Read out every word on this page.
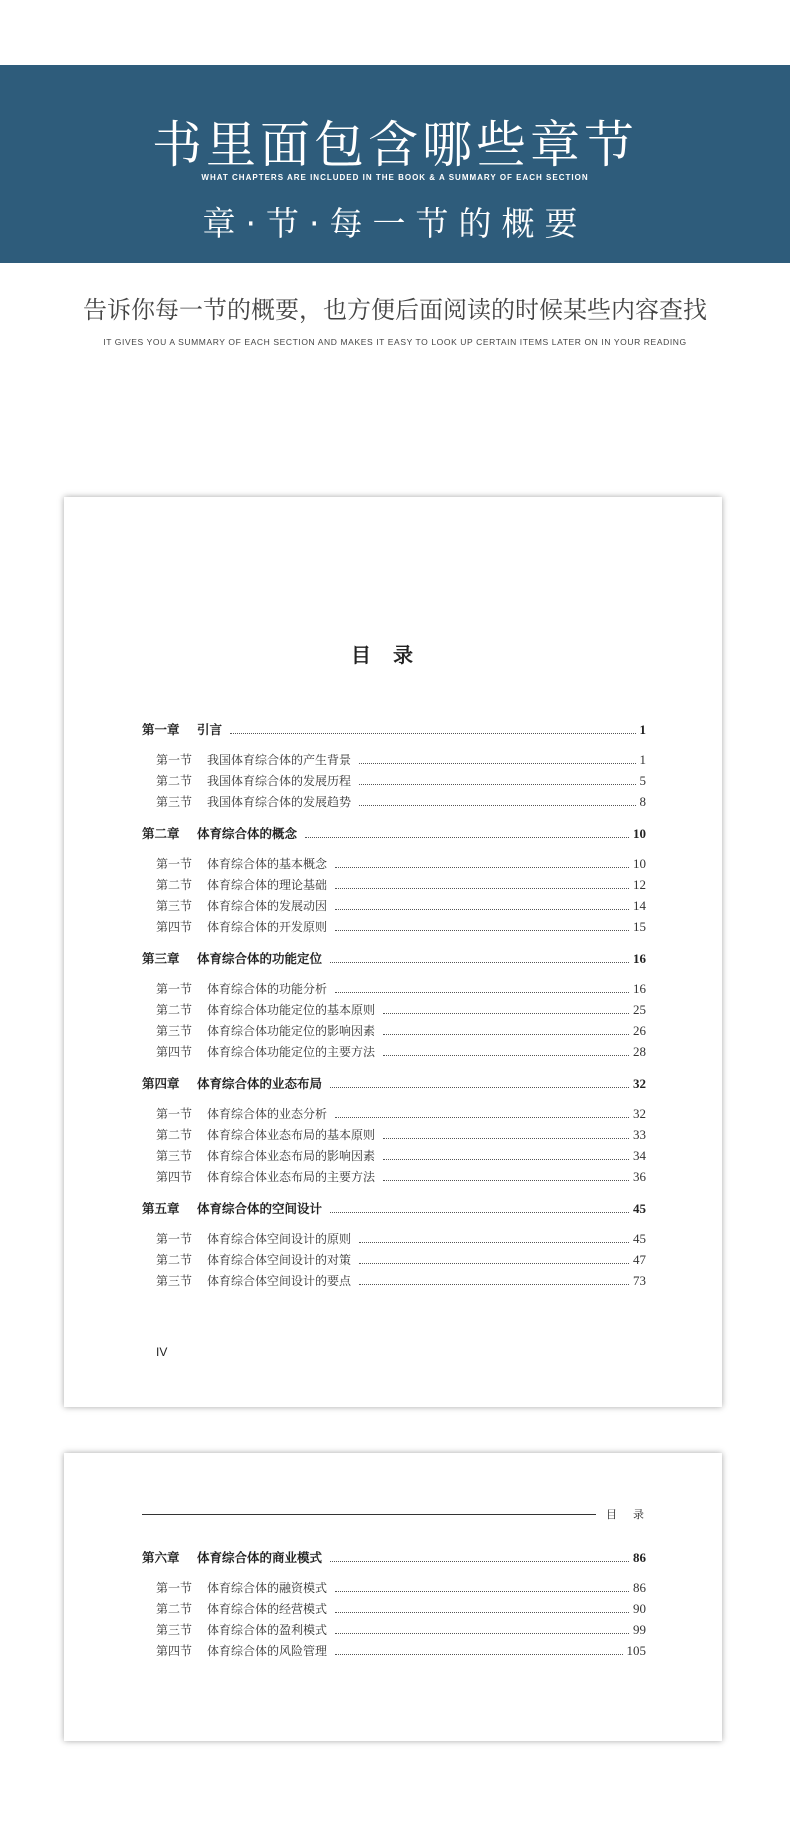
书里面包含哪些章节
WHAT CHAPTERS ARE INCLUDED IN THE BOOK & A SUMMARY OF EACH SECTION
章·节·每一节的概要
告诉你每一节的概要，也方便后面阅读的时候某些内容查找
IT GIVES YOU A SUMMARY OF EACH SECTION AND MAKES IT EASY TO LOOK UP CERTAIN ITEMS LATER ON IN YOUR READING
目录
IV
第一章	引言	1
第一节	我国体育综合体的产生背景	1
第二节	我国体育综合体的发展历程	5
第三节	我国体育综合体的发展趋势	8
第二章	体育综合体的概念	10
第一节	体育综合体的基本概念	10
第二节	体育综合体的理论基础	12
第三节	体育综合体的发展动因	14
第四节	体育综合体的开发原则	15
第三章	体育综合体的功能定位	16
第一节	体育综合体的功能分析	16
第二节	体育综合体功能定位的基本原则	25
第三节	体育综合体功能定位的影响因素	26
第四节	体育综合体功能定位的主要方法	28
第四章	体育综合体的业态布局	32
第一节	体育综合体的业态分析	32
第二节	体育综合体业态布局的基本原则	33
第三节	体育综合体业态布局的影响因素	34
第四节	体育综合体业态布局的主要方法	36
第五章	体育综合体的空间设计	45
第一节	体育综合体空间设计的原则	45
第二节	体育综合体空间设计的对策	47
第三节	体育综合体空间设计的要点	73
目录
第六章	体育综合体的商业模式	86
第一节	体育综合体的融资模式	86
第二节	体育综合体的经营模式	90
第三节	体育综合体的盈利模式	99
第四节	体育综合体的风险管理	105
